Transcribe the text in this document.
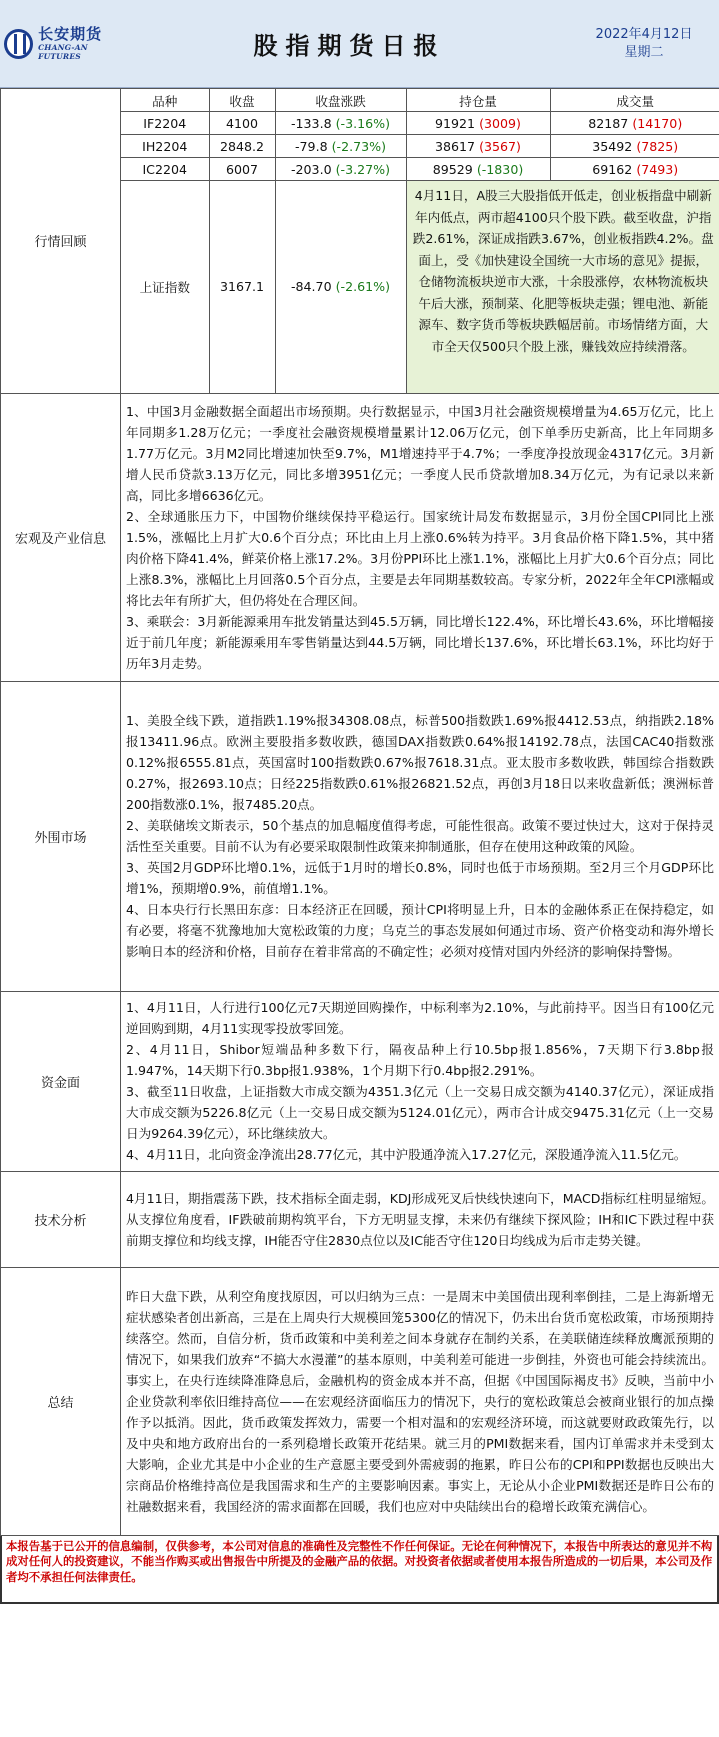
长安期货
CHANG-AN FUTURES	股指期货日报	2022年4月12日
星期二
行情回顾	
品种	收盘	收盘涨跌	持仓量	成交量
IF2204	4100	-133.8 (-3.16%)	91921 (3009)	82187 (14170)
IH2204	2848.2	-79.8 (-2.73%)	38617 (3567)	35492 (7825)
IC2204	6007	-203.0 (-3.27%)	89529 (-1830)	69162 (7493)
上证指数	3167.1	-84.70 (-2.61%)	4月11日，A股三大股指低开低走，创业板指盘中刷新年内低点，两市超4100只个股下跌。截至收盘，沪指跌2.61%，深证成指跌3.67%，创业板指跌4.2%。盘面上，受《加快建设全国统一大市场的意见》提振，仓储物流板块逆市大涨，十余股涨停，农林物流板块午后大涨，预制菜、化肥等板块走强；锂电池、新能源车、数字货币等板块跌幅居前。市场情绪方面，大市全天仅500只个股上涨，赚钱效应持续滑落。

宏观及产业信息	

1、中国3月金融数据全面超出市场预期。央行数据显示，中国3月社会融资规模增量为4.65万亿元，比上年同期多1.28万亿元；一季度社会融资规模增量累计12.06万亿元，创下单季历史新高，比上年同期多1.77万亿元。3月M2同比增速加快至9.7%，M1增速持平于4.7%；一季度净投放现金4317亿元。3月新增人民币贷款3.13万亿元，同比多增3951亿元；一季度人民币贷款增加8.34万亿元，为有记录以来新高，同比多增6636亿元。

2、全球通胀压力下，中国物价继续保持平稳运行。国家统计局发布数据显示，3月份全国CPI同比上涨1.5%，涨幅比上月扩大0.6个百分点；环比由上月上涨0.6%转为持平。3月食品价格下降1.5%，其中猪肉价格下降41.4%，鲜菜价格上涨17.2%。3月份PPI环比上涨1.1%，涨幅比上月扩大0.6个百分点；同比上涨8.3%，涨幅比上月回落0.5个百分点，主要是去年同期基数较高。专家分析，2022年全年CPI涨幅或将比去年有所扩大，但仍将处在合理区间。

3、乘联会：3月新能源乘用车批发销量达到45.5万辆，同比增长122.4%，环比增长43.6%，环比增幅接近于前几年度；新能源乘用车零售销量达到44.5万辆，同比增长137.6%，环比增长63.1%，环比均好于历年3月走势。

外围市场	

1、美股全线下跌，道指跌1.19%报34308.08点，标普500指数跌1.69%报4412.53点，纳指跌2.18%报13411.96点。欧洲主要股指多数收跌，德国DAX指数跌0.64%报14192.78点，法国CAC40指数涨0.12%报6555.81点，英国富时100指数跌0.67%报7618.31点。亚太股市多数收跌，韩国综合指数跌0.27%，报2693.10点；日经225指数跌0.61%报26821.52点，再创3月18日以来收盘新低；澳洲标普200指数涨0.1%，报7485.20点。

2、美联储埃文斯表示，50个基点的加息幅度值得考虑，可能性很高。政策不要过快过大，这对于保持灵活性至关重要。目前不认为有必要采取限制性政策来抑制通胀，但存在使用这种政策的风险。

3、英国2月GDP环比增0.1%，远低于1月时的增长0.8%，同时也低于市场预期。至2月三个月GDP环比增1%，预期增0.9%，前值增1.1%。

4、日本央行行长黑田东彦：日本经济正在回暖，预计CPI将明显上升，日本的金融体系正在保持稳定，如有必要，将毫不犹豫地加大宽松政策的力度；乌克兰的事态发展如何通过市场、资产价格变动和海外增长影响日本的经济和价格，目前存在着非常高的不确定性；必须对疫情对国内外经济的影响保持警惕。

资金面	

1、4月11日，人行进行100亿元7天期逆回购操作，中标利率为2.10%，与此前持平。因当日有100亿元逆回购到期，4月11实现零投放零回笼。

2、4月11日，Shibor短端品种多数下行，隔夜品种上行10.5bp报1.856%，7天期下行3.8bp报1.947%，14天期下行0.3bp报1.938%，1个月期下行0.4bp报2.291%。

3、截至11日收盘，上证指数大市成交额为4351.3亿元（上一交易日成交额为4140.37亿元），深证成指大市成交额为5226.8亿元（上一交易日成交额为5124.01亿元），两市合计成交9475.31亿元（上一交易日为9264.39亿元），环比继续放大。

4、4月11日，北向资金净流出28.77亿元，其中沪股通净流入17.27亿元，深股通净流入11.5亿元。

技术分析	4月11日，期指震荡下跌，技术指标全面走弱，KDJ形成死叉后快线快速向下，MACD指标红柱明显缩短。从支撑位角度看，IF跌破前期构筑平台，下方无明显支撑，未来仍有继续下探风险；IH和IC下跌过程中获前期支撑位和均线支撑，IH能否守住2830点位以及IC能否守住120日均线成为后市走势关键。
总结	昨日大盘下跌，从利空角度找原因，可以归纳为三点：一是周末中美国债出现利率倒挂，二是上海新增无症状感染者创出新高，三是在上周央行大规模回笼5300亿的情况下，仍未出台货币宽松政策，市场预期持续落空。然而，自信分析，货币政策和中美利差之间本身就存在制约关系，在美联储连续释放鹰派预期的情况下，如果我们放弃“不搞大水漫灌”的基本原则，中美利差可能进一步倒挂，外资也可能会持续流出。事实上，在央行连续降准降息后，金融机构的资金成本并不高，但据《中国国际褐皮书》反映，当前中小企业贷款利率依旧维持高位——在宏观经济面临压力的情况下，央行的宽松政策总会被商业银行的加点操作予以抵消。因此，货币政策发挥效力，需要一个相对温和的宏观经济环境，而这就要财政政策先行，以及中央和地方政府出台的一系列稳增长政策开花结果。就三月的PMI数据来看，国内订单需求并未受到太大影响，企业尤其是中小企业的生产意愿主要受到外需疲弱的拖累，昨日公布的CPI和PPI数据也反映出大宗商品价格维持高位是我国需求和生产的主要影响因素。事实上，无论从小企业PMI数据还是昨日公布的社融数据来看，我国经济的需求面都在回暖，我们也应对中央陆续出台的稳增长政策充满信心。
本报告基于已公开的信息编制，仅供参考，本公司对信息的准确性及完整性不作任何保证。无论在何种情况下，本报告中所表达的意见并不构成对任何人的投资建议，不能当作购买或出售报告中所提及的金融产品的依据。对投资者依据或者使用本报告所造成的一切后果，本公司及作者均不承担任何法律责任。
